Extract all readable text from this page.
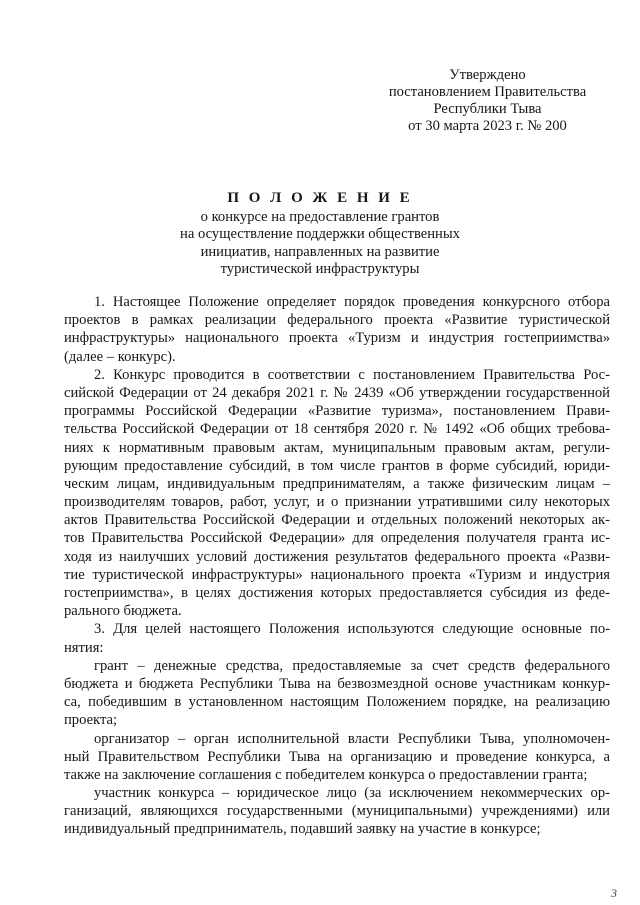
Утверждено
постановлением Правительства
Республики Тыва
от 30 марта 2023 г. № 200
П О Л О Ж Е Н И Е
о конкурсе на предоставление грантов
на осуществление поддержки общественных
инициатив, направленных на развитие
туристической инфраструктуры
1. Настоящее Положение определяет порядок проведения конкурсного отбора
проектов в рамках реализации федерального проекта «Развитие туристической
инфраструктуры» национального проекта «Туризм и индустрия гостеприимства»
(далее – конкурс).
2. Конкурс проводится в соответствии с постановлением Правительства Рос-
сийской Федерации от 24 декабря 2021 г. № 2439 «Об утверждении государственной
программы Российской Федерации «Развитие туризма», постановлением Прави-
тельства Российской Федерации от 18 сентября 2020 г. № 1492 «Об общих требова-
ниях к нормативным правовым актам, муниципальным правовым актам, регули-
рующим предоставление субсидий, в том числе грантов в форме субсидий, юриди-
ческим лицам, индивидуальным предпринимателям, а также физическим лицам –
производителям товаров, работ, услуг, и о признании утратившими силу некоторых
актов Правительства Российской Федерации и отдельных положений некоторых ак-
тов Правительства Российской Федерации» для определения получателя гранта ис-
ходя из наилучших условий достижения результатов федерального проекта «Разви-
тие туристической инфраструктуры» национального проекта «Туризм и индустрия
гостеприимства», в целях достижения которых предоставляется субсидия из феде-
рального бюджета.
3. Для целей настоящего Положения используются следующие основные по-
нятия:
грант – денежные средства, предоставляемые за счет средств федерального
бюджета и бюджета Республики Тыва на безвозмездной основе участникам конкур-
са, победившим в установленном настоящим Положением порядке, на реализацию
проекта;
организатор – орган исполнительной власти Республики Тыва, уполномочен-
ный Правительством Республики Тыва на организацию и проведение конкурса, а
также на заключение соглашения с победителем конкурса о предоставлении гранта;
участник конкурса – юридическое лицо (за исключением некоммерческих ор-
ганизаций, являющихся государственными (муниципальными) учреждениями) или
индивидуальный предприниматель, подавший заявку на участие в конкурсе;
3
